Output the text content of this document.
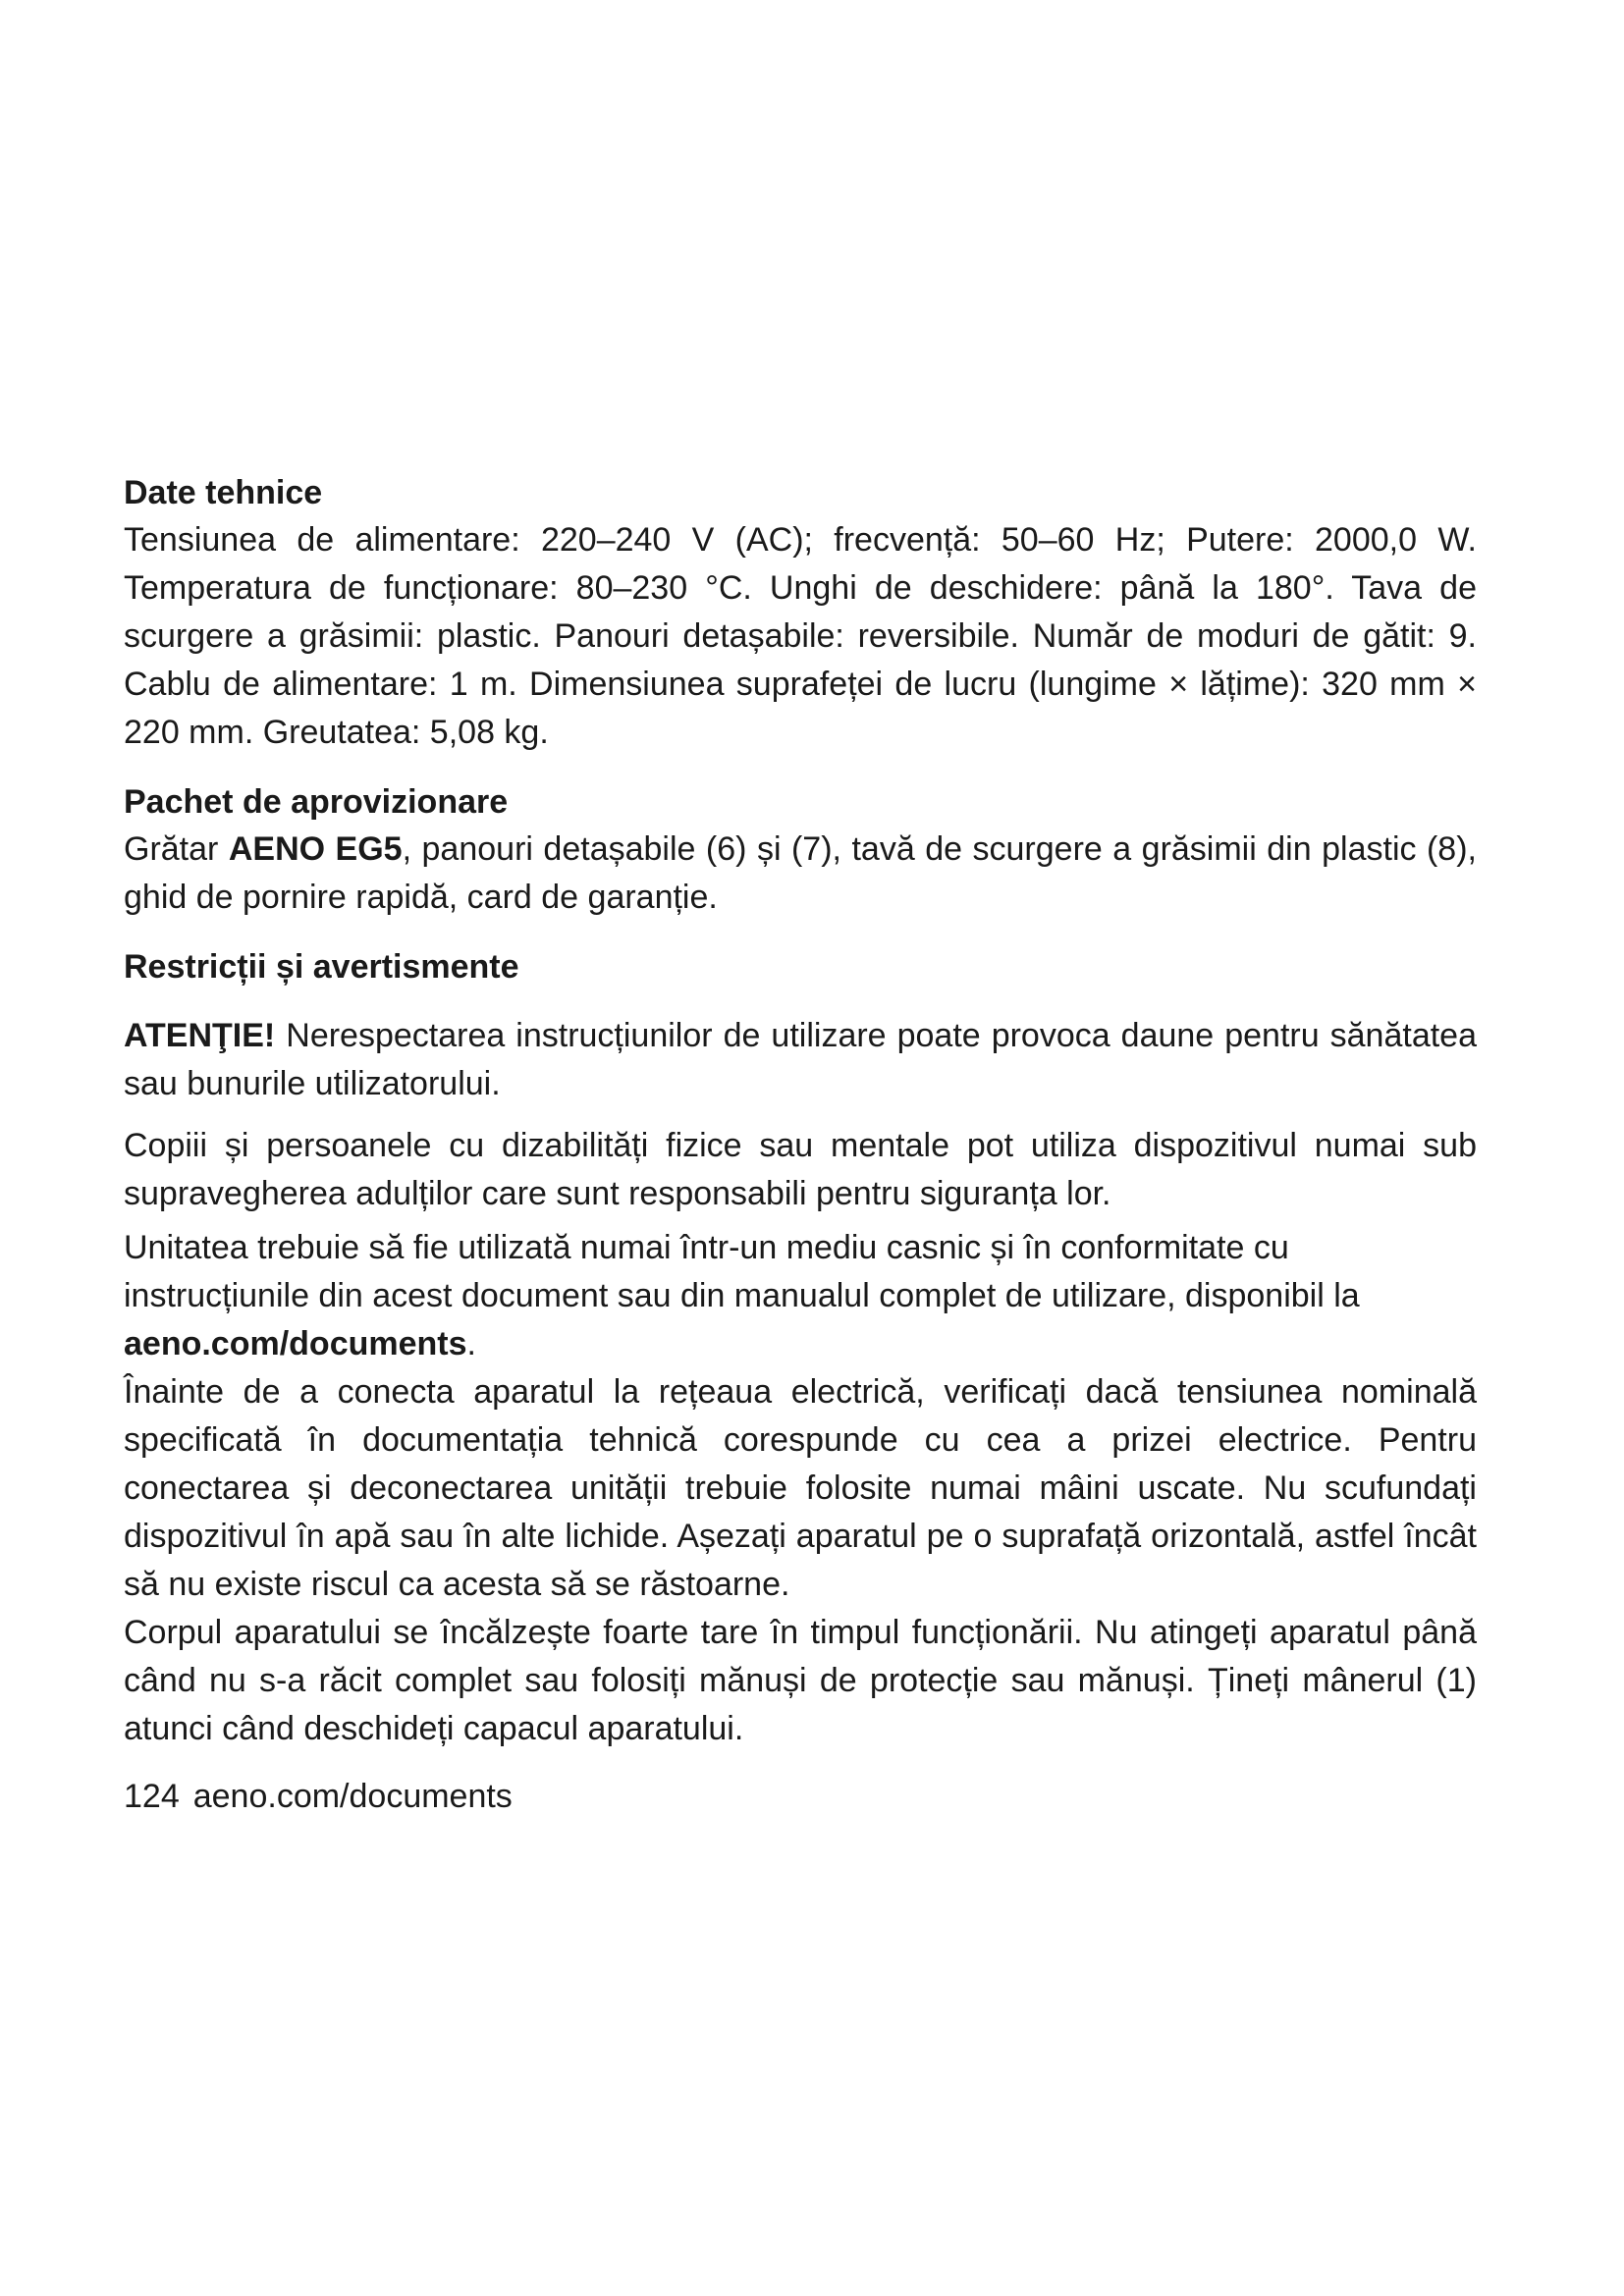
Date tehnice

Tensiunea de alimentare: 220–240 V (AC); frecvență: 50–60 Hz; Putere: 2000,0 W. Temperatura de funcționare: 80–230 °C. Unghi de deschidere: până la 180°. Tava de scurgere a grăsimii: plastic. Panouri detașabile: reversibile. Număr de moduri de gătit: 9. Cablu de alimentare: 1 m. Dimensiunea suprafeței de lucru (lungime × lățime): 320 mm × 220 mm. Greutatea: 5,08 kg.

Pachet de aprovizionare

Grătar AENO EG5, panouri detașabile (6) și (7), tavă de scurgere a grăsimii din plastic (8), ghid de pornire rapidă, card de garanție.

Restricții și avertismente

ATENŢIE! Nerespectarea instrucțiunilor de utilizare poate provoca daune pentru sănătatea sau bunurile utilizatorului.

Copiii și persoanele cu dizabilități fizice sau mentale pot utiliza dispozitivul numai sub supravegherea adulților care sunt responsabili pentru siguranța lor.

Unitatea trebuie să fie utilizată numai într-un mediu casnic și în conformitate cu instrucțiunile din acest document sau din manualul complet de utilizare, disponibil la aeno.com/documents.

Înainte de a conecta aparatul la rețeaua electrică, verificați dacă tensiunea nominală specificată în documentația tehnică corespunde cu cea a prizei electrice. Pentru conectarea și deconectarea unității trebuie folosite numai mâini uscate. Nu scufundați dispozitivul în apă sau în alte lichide. Așezați aparatul pe o suprafață orizontală, astfel încât să nu existe riscul ca acesta să se răstoarne.

Corpul aparatului se încălzește foarte tare în timpul funcționării. Nu atingeți aparatul până când nu s-a răcit complet sau folosiți mănuși de protecție sau mănuși. Țineți mânerul (1) atunci când deschideți capacul aparatului.

124 aeno.com/documents
